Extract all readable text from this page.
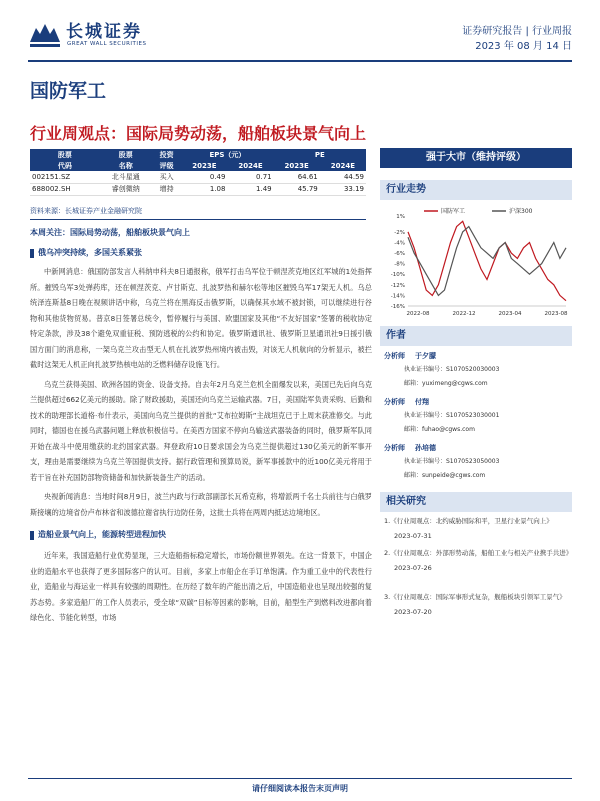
长城证券
GREAT WALL SECURITIES
证券研究报告 | 行业周报
2023 年 08 月 14 日
国防军工
行业周观点：国际局势动荡，船舶板块景气向上
股票	股票	投资	EPS（元）		PE	
代码	名称	评级	2023E	2024E	2023E	2024E
002151.SZ	北斗星通	买入	0.49	0.71	64.61	44.59
688002.SH	睿创微纳	增持	1.08	1.49	45.79	33.19
资料来源：长城证券产业金融研究院
强于大市（维持评级）
行业走势
1%
-2%
-4%
-6%
-8%
-10%
-12%
-14%
-16%
2022-08	2022-12	2023-04	2023-08
国防军工	沪深300
作者
分析师 于夕朦
执业证书编号：S1070520030003
邮箱：yuximeng@cgws.com
分析师 付翔
执业证书编号：S1070523030001
邮箱：fuhao@cgws.com
分析师 孙培德
执业证书编号：S1070523050003
邮箱：sunpeide@cgws.com
相关研究
1.《行业周观点：北约威胁国际和平，卫星行业景气向上》
2023-07-31
2.《行业周观点：外部形势动荡，船舶工业与相关产业携手共进》
2023-07-26
3.《行业周观点：国际军事形式复杂，舰船板块引领军工景气》
2023-07-20
本周关注：国际局势动荡，船舶板块景气向上
俄乌冲突持续，多国关系紧张
中新网消息：俄国防部发言人科纳申科夫8日通报称，俄军打击乌军位于顿涅茨克地区红军城的1处指挥所。摧毁乌军3处弹药库，还在顿涅茨克、卢甘斯克、扎波罗热和赫尔松等地区摧毁乌军17架无人机。乌总统泽连斯基8日晚在视频讲话中称，乌克兰将在黑海反击俄罗斯，以确保其水域不被封锁，可以继续进行谷物和其他货物贸易。普京8日签署总统令，暂停履行与美国、欧盟国家及其他“不友好国家”签署的税收协定特定条款，涉及38个避免双重征税、预防逃税的公约和协定。俄罗斯通讯社、俄罗斯卫星通讯社9日援引俄国方面门的消息称，一架乌克兰攻击型无人机在扎波罗热州境内被击毁，对该无人机航向的分析显示，被拦截时这架无人机正向扎波罗热核电站的乏燃料储存设施飞行。
乌克兰获得美国、欧洲各国的资金、设备支持。自去年2月乌克兰危机全面爆发以来，美国已先后向乌克兰提供超过662亿美元的援助。除了财政援助，美国还向乌克兰运输武器。7日，美国陆军负责采购、后勤和技术的助理部长道格·布什表示，美国向乌克兰提供的首批“艾布拉姆斯”主战坦克已于上周末获准修交。与此同时，德国也在援乌武器问题上释放积极信号。在美西方国家不停向乌输送武器装备的同时，俄罗斯军队同开始在战斗中使用缴获的北约国家武器。拜登政府10日要求国会为乌克兰提供超过130亿美元的新军事开支，理由是需要继续为乌克兰等国提供支持。据行政管理和预算局说，新军事援款中的近100亿美元将用于若干旨在补充国防部物资储备和加快新装备生产的活动。
央视新闻消息：当地时间8月9日，波兰内政与行政部副部长瓦希克称，将增派两千名士兵前往与白俄罗斯接壤的边境省份卢布林省和波德拉谢省执行边防任务，这批士兵将在两周内抵达边境地区。
造船业景气向上，能源转型进程加快
近年来，我国造船行业优势显现，三大造船指标稳定增长，市场份额世界领先。在这一背景下，中国企业的造船水平也获得了更多国际客户的认可。目前，多家上市船企在手订单饱满。作为重工业中的代表性行业，造船业与海运业一样具有较强的周期性。在历经了数年的产能出清之后，中国造船业也呈现出较强的复苏态势。多家造船厂的工作人员表示，受全球“双碳”目标等因素的影响，目前，船型生产到燃料改进都向着绿色化、节能化转型，市场
请仔细阅读本报告末页声明
